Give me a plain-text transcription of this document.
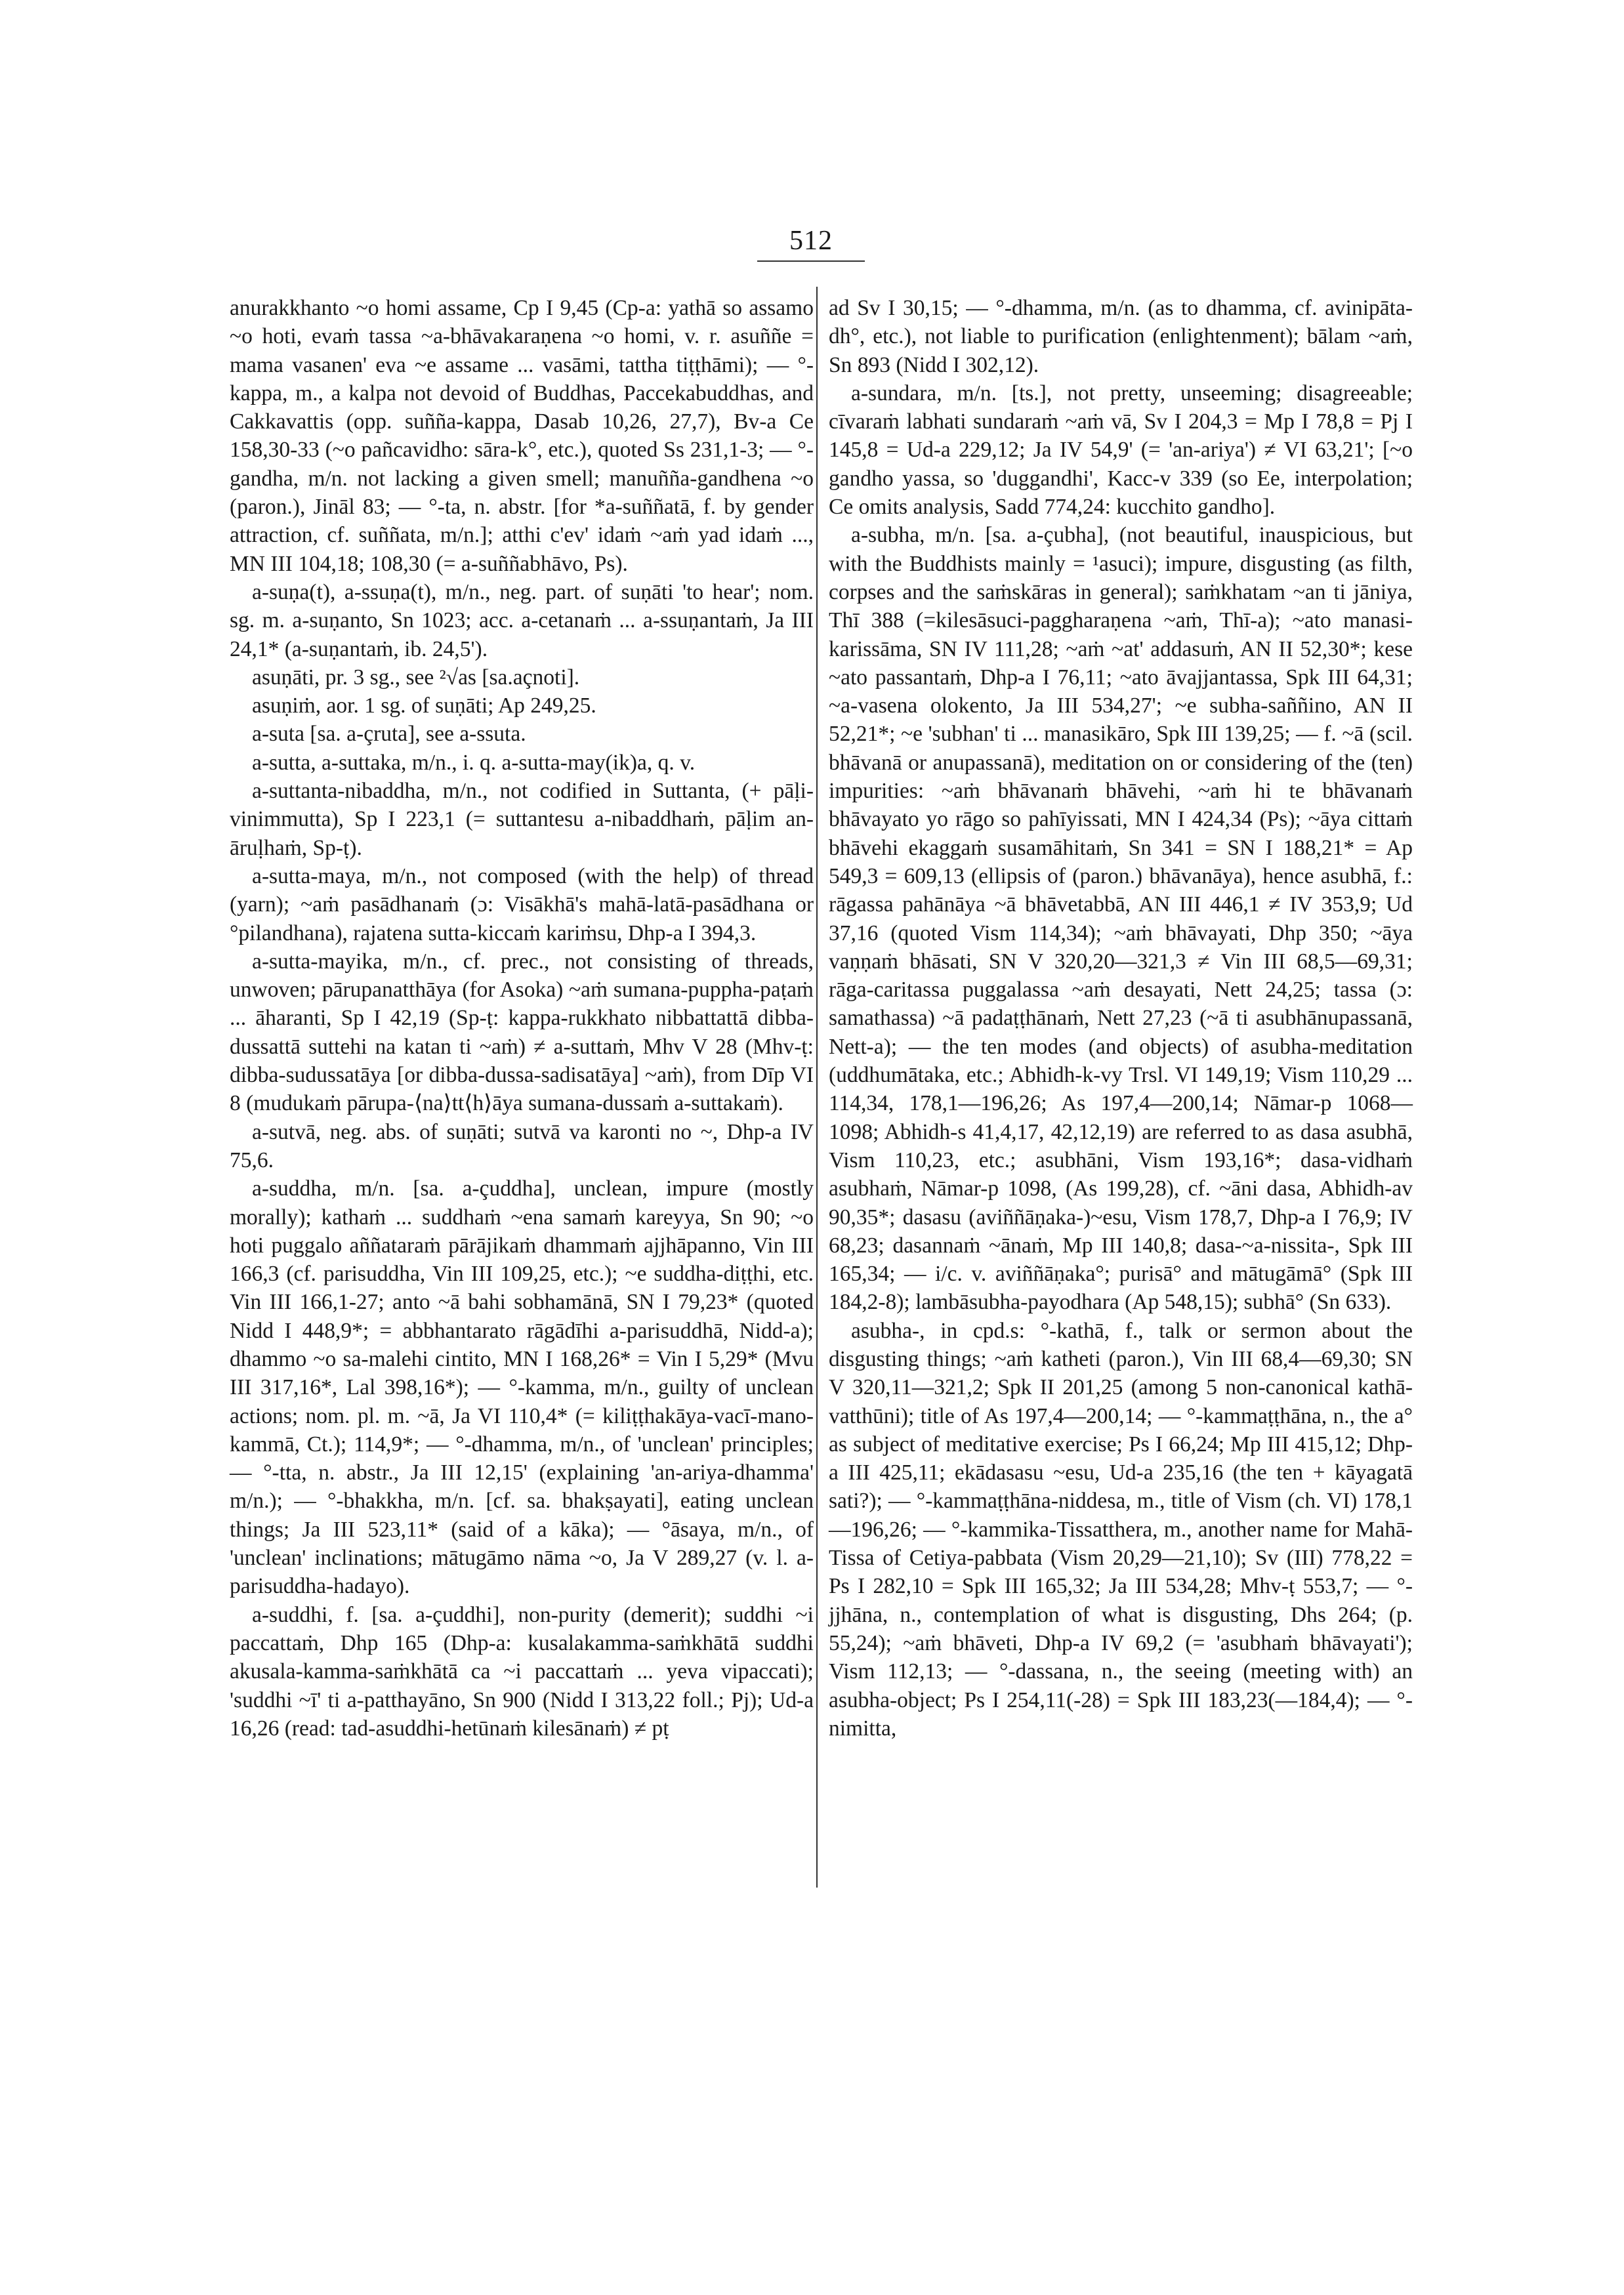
512

anurakkhanto ~o homi assame, Cp I 9,45 (Cp-a: yathā so assamo ~o hoti, evaṁ tassa ~a-bhāvakaraṇena ~o homi, v. r. asuññe = mama vasanen' eva ~e assame ... vasāmi, tattha tiṭṭhāmi); — °-kappa, m., a kalpa not devoid of Buddhas, Paccekabuddhas, and Cakkavattis (opp. suñña-kappa, Dasab 10,26, 27,7), Bv-a Ce 158,30-33 (~o pañcavidho: sāra-k°, etc.), quoted Ss 231,1-3; — °-gandha, m/n. not lacking a given smell; manuñña-gandhena ~o (paron.), Jināl 83; — °-ta, n. abstr. [for *a-suññatā, f. by gender attraction, cf. suññata, m/n.]; atthi c'ev' idaṁ ~aṁ yad idaṁ ..., MN III 104,18; 108,30 (= a-suññabhāvo, Ps).

a-suṇa(t), a-ssuṇa(t), m/n., neg. part. of suṇāti 'to hear'; nom. sg. m. a-suṇanto, Sn 1023; acc. a-cetanaṁ ... a-ssuṇantaṁ, Ja III 24,1* (a-suṇantaṁ, ib. 24,5').

asuṇāti, pr. 3 sg., see ²√as [sa.açnoti].

asuṇiṁ, aor. 1 sg. of suṇāti; Ap 249,25.

a-suta [sa. a-çruta], see a-ssuta.

a-sutta, a-suttaka, m/n., i. q. a-sutta-may(ik)a, q. v.

a-suttanta-nibaddha, m/n., not codified in Suttanta, (+ pāḷi-vinimmutta), Sp I 223,1 (= suttantesu a-nibaddhaṁ, pāḷim an-āruḷhaṁ, Sp-ṭ).

a-sutta-maya, m/n., not composed (with the help) of thread (yarn); ~aṁ pasādhanaṁ (ɔ: Visākhā's mahā-latā-pasādhana or °pilandhana), rajatena sutta-kiccaṁ kariṁsu, Dhp-a I 394,3.

a-sutta-mayika, m/n., cf. prec., not consisting of threads, unwoven; pārupanatthāya (for Asoka) ~aṁ sumana-puppha-paṭaṁ ... āharanti, Sp I 42,19 (Sp-ṭ: kappa-rukkhato nibbattattā dibba-dussattā suttehi na katan ti ~aṁ) ≠ a-suttaṁ, Mhv V 28 (Mhv-ṭ: dibba-sudussatāya [or dibba-dussa-sadisatāya] ~aṁ), from Dīp VI 8 (mudukaṁ pārupa-⟨na⟩tt⟨h⟩āya sumana-dussaṁ a-suttakaṁ).

a-sutvā, neg. abs. of suṇāti; sutvā va karonti no ~, Dhp-a IV 75,6.

a-suddha, m/n. [sa. a-çuddha], unclean, impure (mostly morally); kathaṁ ... suddhaṁ ~ena samaṁ kareyya, Sn 90; ~o hoti puggalo aññataraṁ pārājikaṁ dhammaṁ ajjhāpanno, Vin III 166,3 (cf. parisuddha, Vin III 109,25, etc.); ~e suddha-diṭṭhi, etc. Vin III 166,1-27; anto ~ā bahi sobhamānā, SN I 79,23* (quoted Nidd I 448,9*; = abbhantarato rāgādīhi a-parisuddhā, Nidd-a); dhammo ~o sa-malehi cintito, MN I 168,26* = Vin I 5,29* (Mvu III 317,16*, Lal 398,16*); — °-kamma, m/n., guilty of unclean actions; nom. pl. m. ~ā, Ja VI 110,4* (= kiliṭṭhakāya-vacī-mano-kammā, Ct.); 114,9*; — °-dhamma, m/n., of 'unclean' principles; — °-tta, n. abstr., Ja III 12,15' (explaining 'an-ariya-dhamma' m/n.); — °-bhakkha, m/n. [cf. sa. bhakṣayati], eating unclean things; Ja III 523,11* (said of a kāka); — °āsaya, m/n., of 'unclean' inclinations; mātugāmo nāma ~o, Ja V 289,27 (v. l. a-parisuddha-hadayo).

a-suddhi, f. [sa. a-çuddhi], non-purity (demerit); suddhi ~i paccattaṁ, Dhp 165 (Dhp-a: kusalakamma-saṁkhātā suddhi akusala-kamma-saṁkhātā ca ~i paccattaṁ ... yeva vipaccati); 'suddhi ~ī' ti a-patthayāno, Sn 900 (Nidd I 313,22 foll.; Pj); Ud-a 16,26 (read: tad-asuddhi-hetūnaṁ kilesānaṁ) ≠ pṭ

ad Sv I 30,15; — °-dhamma, m/n. (as to dhamma, cf. avinipāta-dh°, etc.), not liable to purification (enlightenment); bālam ~aṁ, Sn 893 (Nidd I 302,12).

a-sundara, m/n. [ts.], not pretty, unseeming; disagreeable; cīvaraṁ labhati sundaraṁ ~aṁ vā, Sv I 204,3 = Mp I 78,8 = Pj I 145,8 = Ud-a 229,12; Ja IV 54,9' (= 'an-ariya') ≠ VI 63,21'; [~o gandho yassa, so 'duggandhi', Kacc-v 339 (so Ee, interpolation; Ce omits analysis, Sadd 774,24: kucchito gandho].

a-subha, m/n. [sa. a-çubha], (not beautiful, inauspicious, but with the Buddhists mainly = ¹asuci); impure, disgusting (as filth, corpses and the saṁskāras in general); saṁkhatam ~an ti jāniya, Thī 388 (=kilesāsuci-paggharaṇena ~aṁ, Thī-a); ~ato manasi-karissāma, SN IV 111,28; ~aṁ ~at' addasuṁ, AN II 52,30*; kese ~ato passantaṁ, Dhp-a I 76,11; ~ato āvajjantassa, Spk III 64,31; ~a-vasena olokento, Ja III 534,27'; ~e subha-saññino, AN II 52,21*; ~e 'subhan' ti ... manasikāro, Spk III 139,25; — f. ~ā (scil. bhāvanā or anupassanā), meditation on or considering of the (ten) impurities: ~aṁ bhāvanaṁ bhāvehi, ~aṁ hi te bhāvanaṁ bhāvayato yo rāgo so pahīyissati, MN I 424,34 (Ps); ~āya cittaṁ bhāvehi ekaggaṁ susamāhitaṁ, Sn 341 = SN I 188,21* = Ap 549,3 = 609,13 (ellipsis of (paron.) bhāvanāya), hence asubhā, f.: rāgassa pahānāya ~ā bhāvetabbā, AN III 446,1 ≠ IV 353,9; Ud 37,16 (quoted Vism 114,34); ~aṁ bhāvayati, Dhp 350; ~āya vaṇṇaṁ bhāsati, SN V 320,20—321,3 ≠ Vin III 68,5—69,31; rāga-caritassa puggalassa ~aṁ desayati, Nett 24,25; tassa (ɔ: samathassa) ~ā padaṭṭhānaṁ, Nett 27,23 (~ā ti asubhānupassanā, Nett-a); — the ten modes (and objects) of asubha-meditation (uddhumātaka, etc.; Abhidh-k-vy Trsl. VI 149,19; Vism 110,29 ... 114,34, 178,1—196,26; As 197,4—200,14; Nāmar-p 1068—1098; Abhidh-s 41,4,17, 42,12,19) are referred to as dasa asubhā, Vism 110,23, etc.; asubhāni, Vism 193,16*; dasa-vidhaṁ asubhaṁ, Nāmar-p 1098, (As 199,28), cf. ~āni dasa, Abhidh-av 90,35*; dasasu (aviññāṇaka-)~esu, Vism 178,7, Dhp-a I 76,9; IV 68,23; dasannaṁ ~ānaṁ, Mp III 140,8; dasa-~a-nissita-, Spk III 165,34; — i/c. v. aviññāṇaka°; purisā° and mātugāmā° (Spk III 184,2-8); lambāsubha-payodhara (Ap 548,15); subhā° (Sn 633).

asubha-, in cpd.s: °-kathā, f., talk or sermon about the disgusting things; ~aṁ katheti (paron.), Vin III 68,4—69,30; SN V 320,11—321,2; Spk II 201,25 (among 5 non-canonical kathā-vatthūni); title of As 197,4—200,14; — °-kammaṭṭhāna, n., the a° as subject of meditative exercise; Ps I 66,24; Mp III 415,12; Dhp-a III 425,11; ekādasasu ~esu, Ud-a 235,16 (the ten + kāyagatā sati?); — °-kammaṭṭhāna-niddesa, m., title of Vism (ch. VI) 178,1—196,26; — °-kammika-Tissatthera, m., another name for Mahā-Tissa of Cetiya-pabbata (Vism 20,29—21,10); Sv (III) 778,22 = Ps I 282,10 = Spk III 165,32; Ja III 534,28; Mhv-ṭ 553,7; — °-jjhāna, n., contemplation of what is disgusting, Dhs 264; (p. 55,24); ~aṁ bhāveti, Dhp-a IV 69,2 (= 'asubhaṁ bhāvayati'); Vism 112,13; — °-dassana, n., the seeing (meeting with) an asubha-object; Ps I 254,11(-28) = Spk III 183,23(—184,4); — °-nimitta,
